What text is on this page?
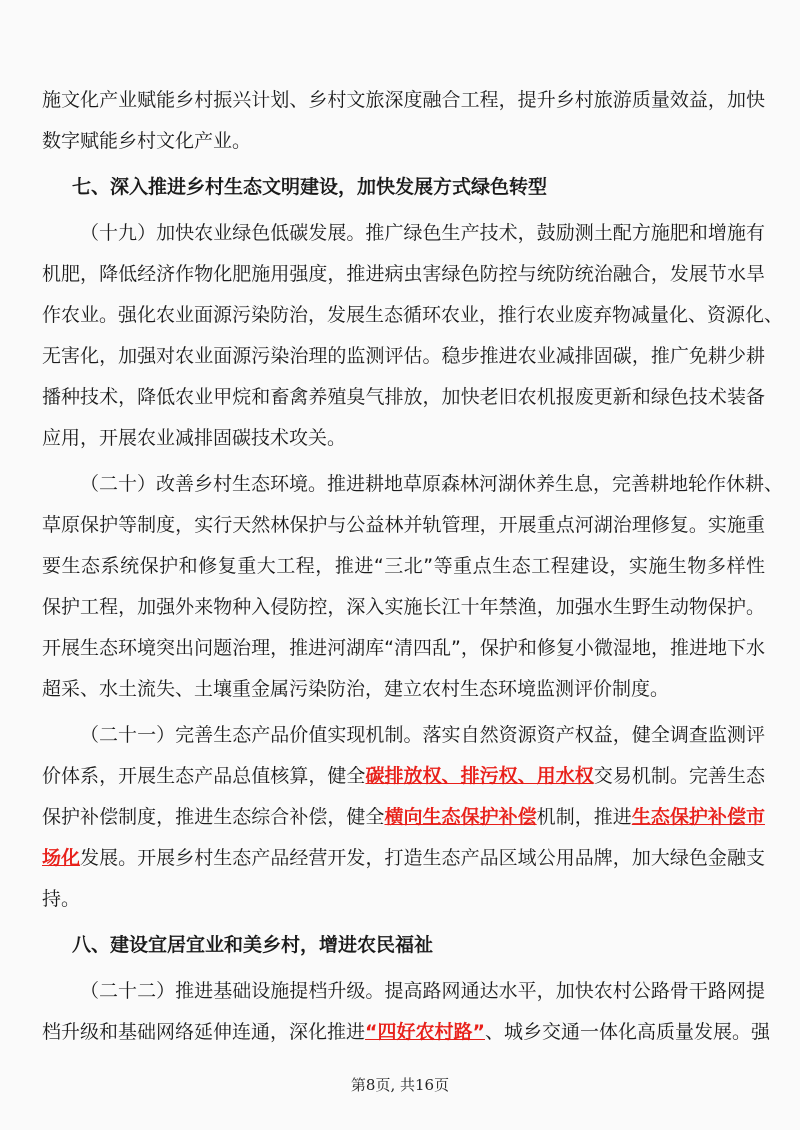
施文化产业赋能乡村振兴计划、乡村文旅深度融合工程，提升乡村旅游质量效益，加快
数字赋能乡村文化产业。
七、深入推进乡村生态文明建设，加快发展方式绿色转型
（十九）加快农业绿色低碳发展。推广绿色生产技术，鼓励测土配方施肥和增施有
机肥，降低经济作物化肥施用强度，推进病虫害绿色防控与统防统治融合，发展节水旱
作农业。强化农业面源污染防治，发展生态循环农业，推行农业废弃物减量化、资源化、
无害化，加强对农业面源污染治理的监测评估。稳步推进农业减排固碳，推广免耕少耕
播种技术，降低农业甲烷和畜禽养殖臭气排放，加快老旧农机报废更新和绿色技术装备
应用，开展农业减排固碳技术攻关。
（二十）改善乡村生态环境。推进耕地草原森林河湖休养生息，完善耕地轮作休耕、
草原保护等制度，实行天然林保护与公益林并轨管理，开展重点河湖治理修复。实施重
要生态系统保护和修复重大工程，推进“三北”等重点生态工程建设，实施生物多样性
保护工程，加强外来物种入侵防控，深入实施长江十年禁渔，加强水生野生动物保护。
开展生态环境突出问题治理，推进河湖库“清四乱”，保护和修复小微湿地，推进地下水
超采、水土流失、土壤重金属污染防治，建立农村生态环境监测评价制度。
（二十一）完善生态产品价值实现机制。落实自然资源资产权益，健全调查监测评
价体系，开展生态产品总值核算，健全碳排放权、排污权、用水权交易机制。完善生态
保护补偿制度，推进生态综合补偿，健全横向生态保护补偿机制，推进生态保护补偿市
场化发展。开展乡村生态产品经营开发，打造生态产品区域公用品牌，加大绿色金融支
持。
八、建设宜居宜业和美乡村，增进农民福祉
（二十二）推进基础设施提档升级。提高路网通达水平，加快农村公路骨干路网提
档升级和基础网络延伸连通，深化推进“四好农村路”、城乡交通一体化高质量发展。强
第8页, 共16页
